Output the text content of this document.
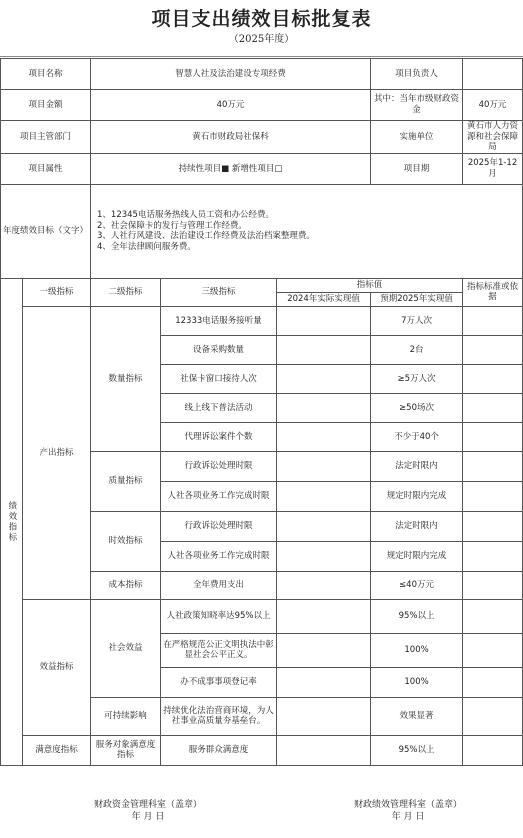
项目支出绩效目标批复表
（2025年度）
项目名称		智慧人社及法治建设专项经费			项目负责人	
项目金额		40万元			其中：当年市级财政资金	40万元
项目主管部门		黄石市财政局社保科			实施单位	黄石市人力资源和社会保障局
项目属性		持续性项目■ 新增性项目□			项目期	2025年1-12月
年度绩效目标（文字）		1、12345电话服务热线人员工资和办公经费。
2、社会保障卡的发行与管理工作经费。
3、人社行风建设、法治建设工作经费及法治档案整理费。
4、全年法律顾问服务费。				

绩效指标	一级指标	二级指标	三级指标	指标值		指标标准或依据
				2024年实际实现值	预期2025年实现值	
	产出指标	数量指标	12333电话服务接听量		7万人次	
			设备采购数量		2台	
			社保卡窗口接待人次		≥5万人次	
			线上线下普法活动		≥50场次	
			代理诉讼案件个数		不少于40个	
		质量指标	行政诉讼处理时限		法定时限内	
			人社各项业务工作完成时限		规定时限内完成	
		时效指标	行政诉讼处理时限		法定时限内	
			人社各项业务工作完成时限		规定时限内完成	
		成本指标	全年费用支出		≤40万元	
	效益指标	社会效益	人社政策知晓率达95%以上		95%以上	
			在严格规范公正文明执法中彰显社会公平正义。		100%	
			办不成事事项登记率		100%	
		可持续影响	持续优化法治营商环境，为人社事业高质量夯基垒台。		效果显著	
	满意度指标	服务对象满意度指标	服务群众满意度		95%以上	
财政资金管理科室（盖章）
年 月 日
财政绩效管理科室（盖章）
年 月 日
